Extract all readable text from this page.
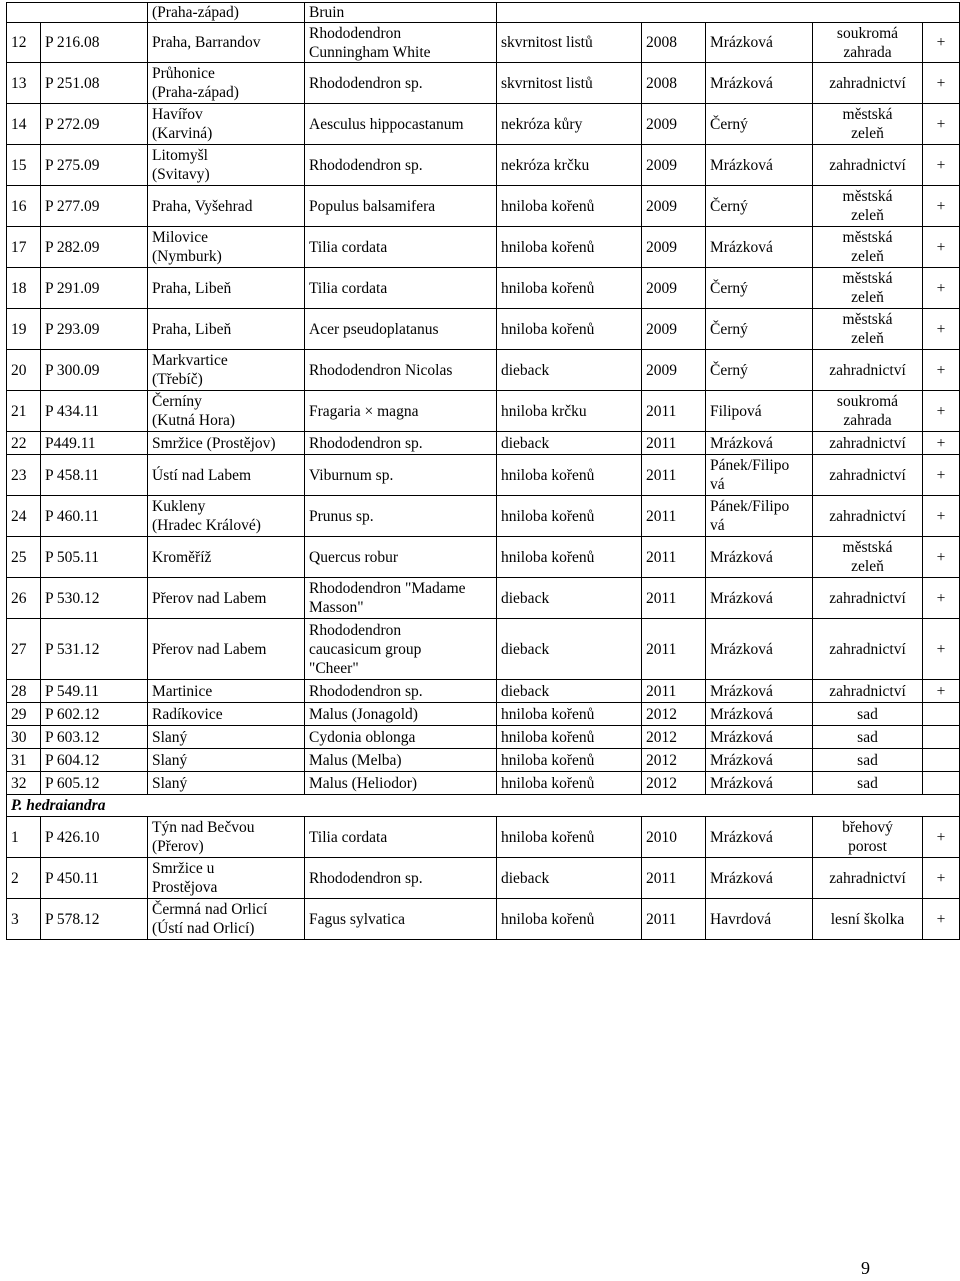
		(Praha-západ)	Bruin					
12	P 216.08	Praha, Barrandov	Rhododendron
Cunningham White	skvrnitost listů	2008	Mrázková	soukromá
zahrada	+
13	P 251.08	Průhonice
(Praha-západ)	Rhododendron sp.	skvrnitost listů	2008	Mrázková	zahradnictví	+
14	P 272.09	Havířov
(Karviná)	Aesculus hippocastanum	nekróza kůry	2009	Černý	městská
zeleň	+
15	P 275.09	Litomyšl
(Svitavy)	Rhododendron sp.	nekróza krčku	2009	Mrázková	zahradnictví	+
16	P 277.09	Praha, Vyšehrad	Populus balsamifera	hniloba kořenů	2009	Černý	městská
zeleň	+
17	P 282.09	Milovice
(Nymburk)	Tilia cordata	hniloba kořenů	2009	Mrázková	městská
zeleň	+
18	P 291.09	Praha, Libeň	Tilia cordata	hniloba kořenů	2009	Černý	městská
zeleň	+
19	P 293.09	Praha, Libeň	Acer pseudoplatanus	hniloba kořenů	2009	Černý	městská
zeleň	+
20	P 300.09	Markvartice
(Třebíč)	Rhododendron Nicolas	dieback	2009	Černý	zahradnictví	+
21	P 434.11	Černíny
(Kutná Hora)	Fragaria × magna	hniloba krčku	2011	Filipová	soukromá
zahrada	+
22	P449.11	Smržice (Prostějov)	Rhododendron sp.	dieback	2011	Mrázková	zahradnictví	+
23	P 458.11	Ústí nad Labem	Viburnum sp.	hniloba kořenů	2011	Pánek/Filipo
vá	zahradnictví	+
24	P 460.11	Kukleny
(Hradec Králové)	Prunus sp.	hniloba kořenů	2011	Pánek/Filipo
vá	zahradnictví	+
25	P 505.11	Kroměříž	Quercus robur	hniloba kořenů	2011	Mrázková	městská
zeleň	+
26	P 530.12	Přerov nad Labem	Rhododendron "Madame
Masson"	dieback	2011	Mrázková	zahradnictví	+
27	P 531.12	Přerov nad Labem	Rhododendron
caucasicum group
"Cheer"	dieback	2011	Mrázková	zahradnictví	+
28	P 549.11	Martinice	Rhododendron sp.	dieback	2011	Mrázková	zahradnictví	+
29	P 602.12	Radíkovice	Malus (Jonagold)	hniloba kořenů	2012	Mrázková	sad	
30	P 603.12	Slaný	Cydonia oblonga	hniloba kořenů	2012	Mrázková	sad	
31	P 604.12	Slaný	Malus (Melba)	hniloba kořenů	2012	Mrázková	sad	
32	P 605.12	Slaný	Malus (Heliodor)	hniloba kořenů	2012	Mrázková	sad	
P. hedraiandra								
1	P 426.10	Týn nad Bečvou
(Přerov)	Tilia cordata	hniloba kořenů	2010	Mrázková	břehový
porost	+
2	P 450.11	Smržice u
Prostějova	Rhododendron sp.	dieback	2011	Mrázková	zahradnictví	+
3	P 578.12	Čermná nad Orlicí
(Ústí nad Orlicí)	Fagus sylvatica	hniloba kořenů	2011	Havrdová	lesní školka	+
9
